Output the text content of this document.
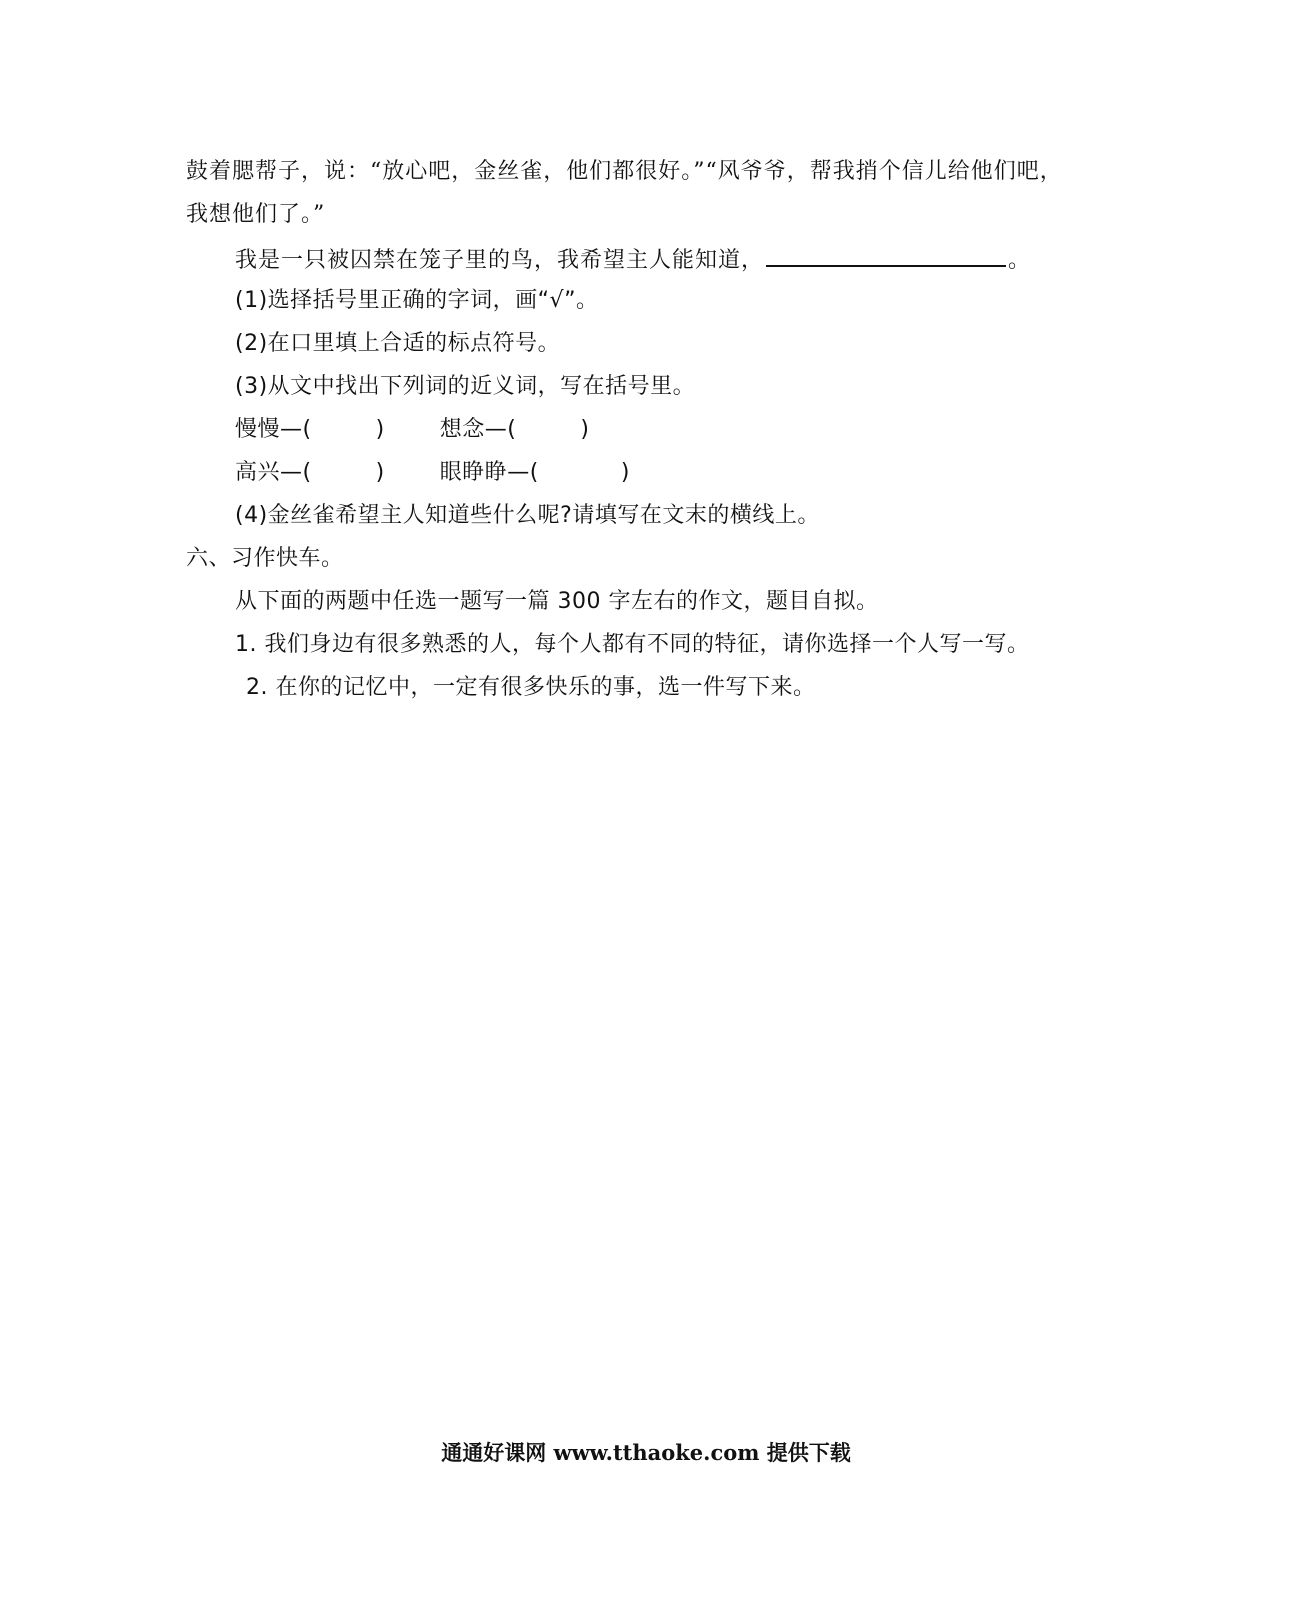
鼓着腮帮子，说：“放心吧，金丝雀，他们都很好。”“风爷爷，帮我捎个信儿给他们吧，
我想他们了。”
我是一只被囚禁在笼子里的鸟，我希望主人能知道，	。
(1)选择括号里正确的字词，画“√”。
(2)在口里填上合适的标点符号。
(3)从文中找出下列词的近义词，写在括号里。
慢慢—(	)	想念—(	)
高兴—(	)	眼睁睁—(	)
(4)金丝雀希望主人知道些什么呢?请填写在文末的横线上。
六、习作快车。
从下面的两题中任选一题写一篇 300 字左右的作文，题目自拟。
1. 我们身边有很多熟悉的人，每个人都有不同的特征，请你选择一个人写一写。
2. 在你的记忆中，一定有很多快乐的事，选一件写下来。
通通好课网 www.tthaoke.com 提供下载
